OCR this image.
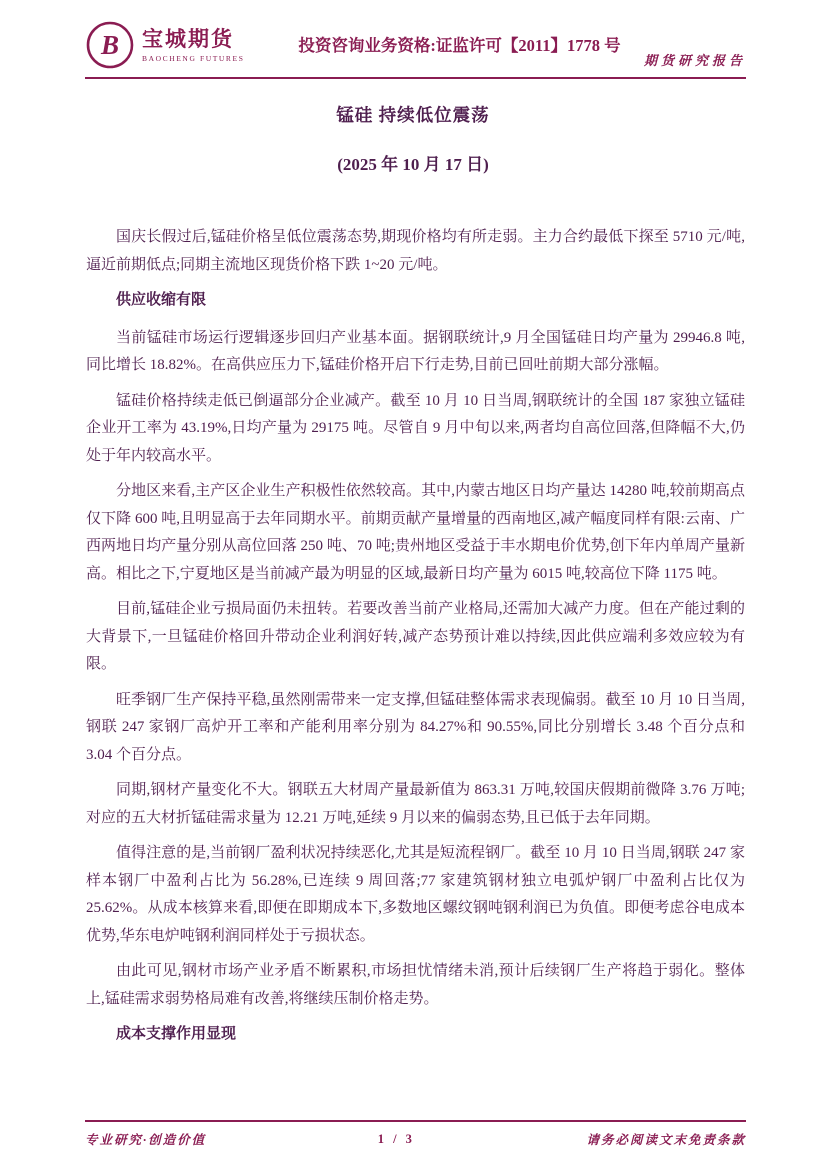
B 宝城期货
BAOCHENG FUTURES
投资咨询业务资格:证监许可【2011】1778 号
期货研究报告
锰硅 持续低位震荡
(2025 年 10 月 17 日)

国庆长假过后,锰硅价格呈低位震荡态势,期现价格均有所走弱。主力合约最低下探至 5710 元/吨,逼近前期低点;同期主流地区现货价格下跌 1~20 元/吨。

供应收缩有限

当前锰硅市场运行逻辑逐步回归产业基本面。据钢联统计,9 月全国锰硅日均产量为 29946.8 吨,同比增长 18.82%。在高供应压力下,锰硅价格开启下行走势,目前已回吐前期大部分涨幅。

锰硅价格持续走低已倒逼部分企业减产。截至 10 月 10 日当周,钢联统计的全国 187 家独立锰硅企业开工率为 43.19%,日均产量为 29175 吨。尽管自 9 月中旬以来,两者均自高位回落,但降幅不大,仍处于年内较高水平。

分地区来看,主产区企业生产积极性依然较高。其中,内蒙古地区日均产量达 14280 吨,较前期高点仅下降 600 吨,且明显高于去年同期水平。前期贡献产量增量的西南地区,减产幅度同样有限:云南、广西两地日均产量分别从高位回落 250 吨、70 吨;贵州地区受益于丰水期电价优势,创下年内单周产量新高。相比之下,宁夏地区是当前减产最为明显的区域,最新日均产量为 6015 吨,较高位下降 1175 吨。

目前,锰硅企业亏损局面仍未扭转。若要改善当前产业格局,还需加大减产力度。但在产能过剩的大背景下,一旦锰硅价格回升带动企业利润好转,减产态势预计难以持续,因此供应端利多效应较为有限。

旺季钢厂生产保持平稳,虽然刚需带来一定支撑,但锰硅整体需求表现偏弱。截至 10 月 10 日当周,钢联 247 家钢厂高炉开工率和产能利用率分别为 84.27%和 90.55%,同比分别增长 3.48 个百分点和 3.04 个百分点。

同期,钢材产量变化不大。钢联五大材周产量最新值为 863.31 万吨,较国庆假期前微降 3.76 万吨;对应的五大材折锰硅需求量为 12.21 万吨,延续 9 月以来的偏弱态势,且已低于去年同期。

值得注意的是,当前钢厂盈利状况持续恶化,尤其是短流程钢厂。截至 10 月 10 日当周,钢联 247 家样本钢厂中盈利占比为 56.28%,已连续 9 周回落;77 家建筑钢材独立电弧炉钢厂中盈利占比仅为 25.62%。从成本核算来看,即便在即期成本下,多数地区螺纹钢吨钢利润已为负值。即便考虑谷电成本优势,华东电炉吨钢利润同样处于亏损状态。

由此可见,钢材市场产业矛盾不断累积,市场担忧情绪未消,预计后续钢厂生产将趋于弱化。整体上,锰硅需求弱势格局难有改善,将继续压制价格走势。

成本支撑作用显现
专业研究·创造价值	1 / 3	请务必阅读文末免责条款
